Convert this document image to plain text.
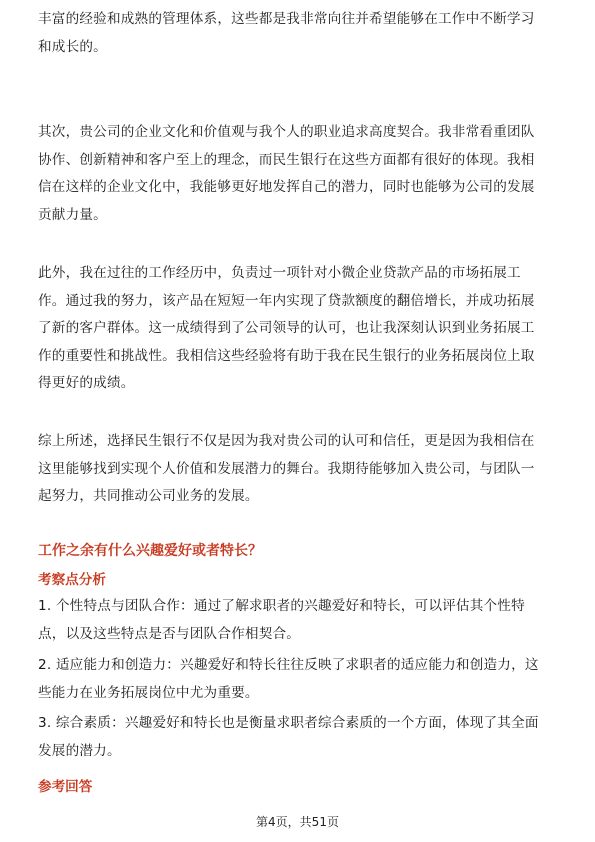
丰富的经验和成熟的管理体系，这些都是我非常向往并希望能够在工作中不断学习
和成长的。
其次，贵公司的企业文化和价值观与我个人的职业追求高度契合。我非常看重团队
协作、创新精神和客户至上的理念，而民生银行在这些方面都有很好的体现。我相
信在这样的企业文化中，我能够更好地发挥自己的潜力，同时也能够为公司的发展
贡献力量。
此外，我在过往的工作经历中，负责过一项针对小微企业贷款产品的市场拓展工
作。通过我的努力，该产品在短短一年内实现了贷款额度的翻倍增长，并成功拓展
了新的客户群体。这一成绩得到了公司领导的认可，也让我深刻认识到业务拓展工
作的重要性和挑战性。我相信这些经验将有助于我在民生银行的业务拓展岗位上取
得更好的成绩。
综上所述，选择民生银行不仅是因为我对贵公司的认可和信任，更是因为我相信在
这里能够找到实现个人价值和发展潜力的舞台。我期待能够加入贵公司，与团队一
起努力，共同推动公司业务的发展。
工作之余有什么兴趣爱好或者特长？
考察点分析
1. 个性特点与团队合作：通过了解求职者的兴趣爱好和特长，可以评估其个性特
点，以及这些特点是否与团队合作相契合。
2. 适应能力和创造力：兴趣爱好和特长往往反映了求职者的适应能力和创造力，这
些能力在业务拓展岗位中尤为重要。
3. 综合素质：兴趣爱好和特长也是衡量求职者综合素质的一个方面，体现了其全面
发展的潜力。
参考回答
第4页，共51页
